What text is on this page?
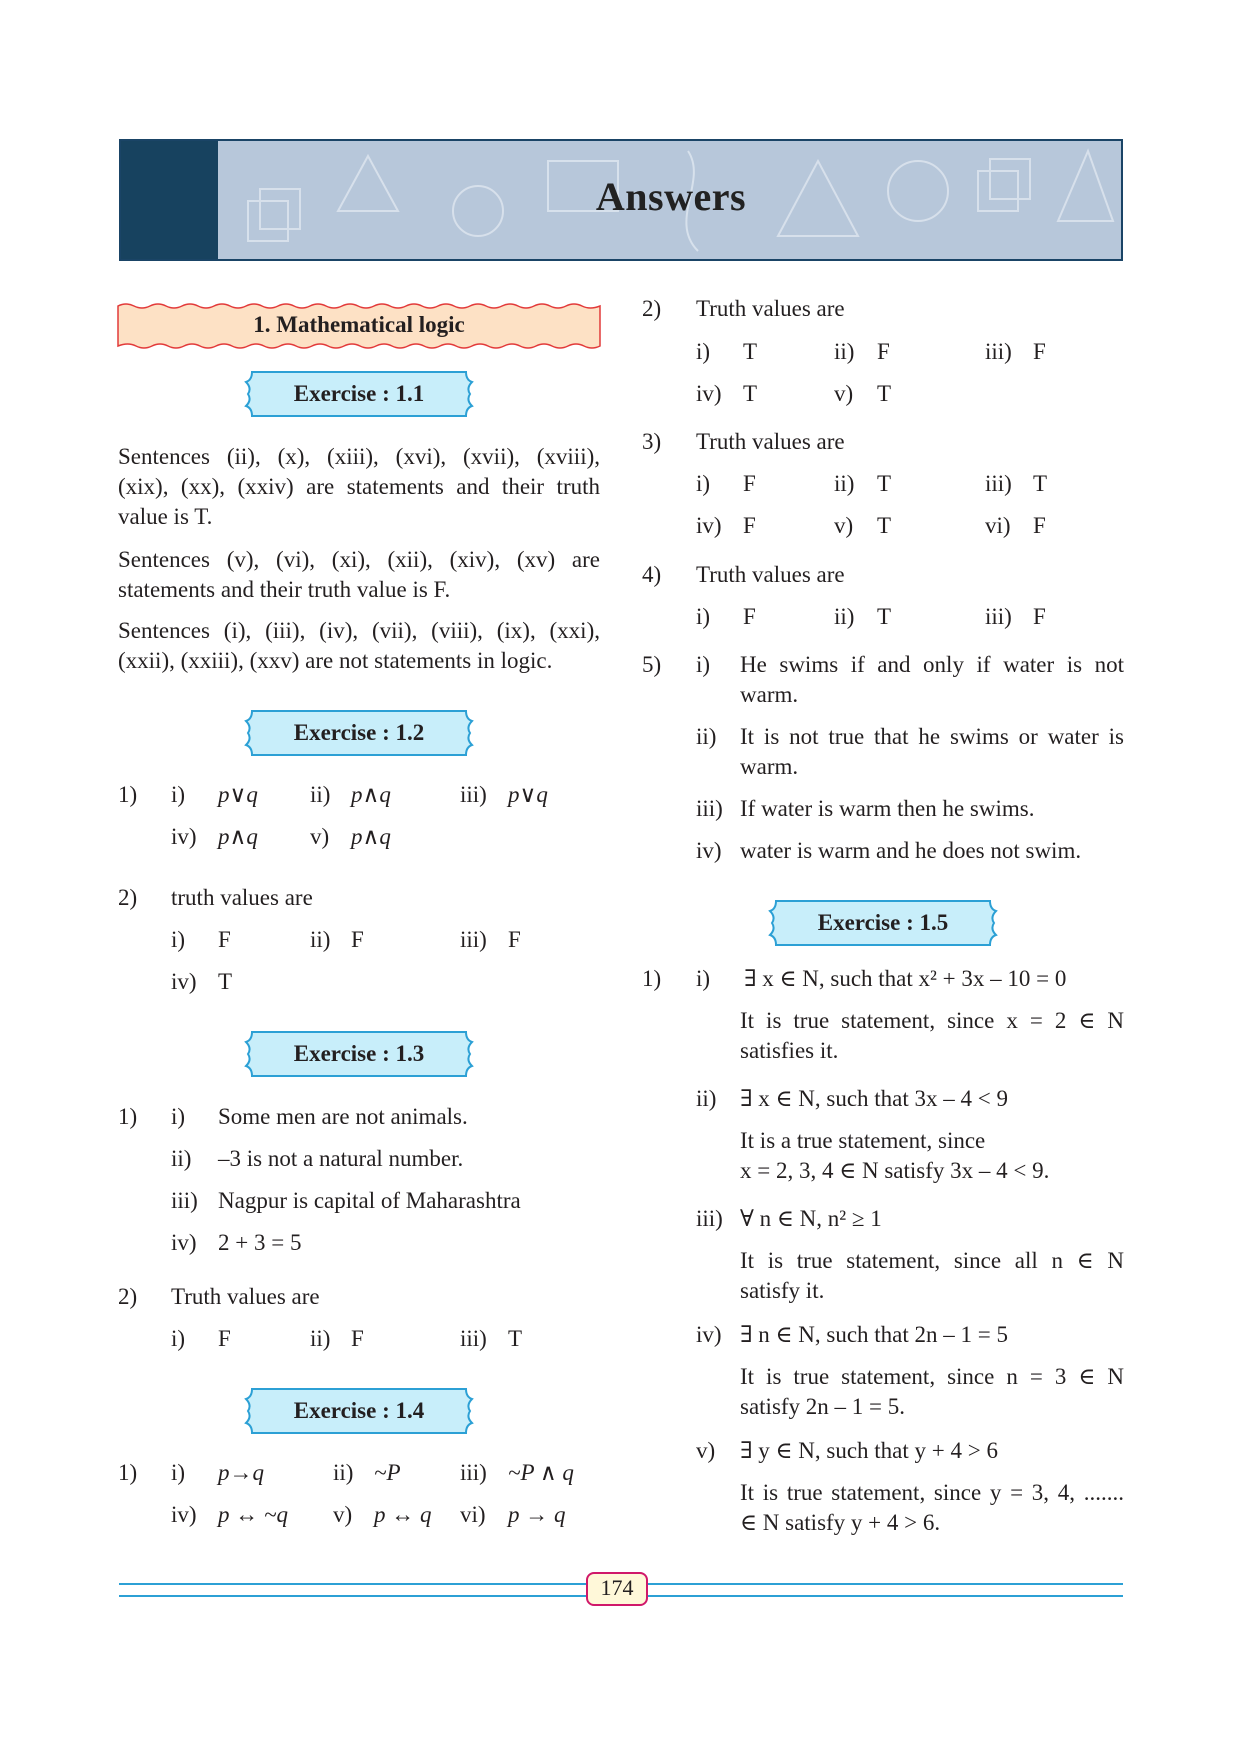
Answers
1. Mathematical logic
Exercise : 1.1
Sentences (ii), (x), (xiii), (xvi), (xvii), (xviii),
(xix), (xx), (xxiv) are statements and their truth
value is T.
Sentences (v), (vi), (xi), (xii), (xiv), (xv) are
statements and their truth value is F.
Sentences (i), (iii), (iv), (vii), (viii), (ix), (xxi),
(xxii), (xxiii), (xxv) are not statements in logic.
Exercise : 1.2
1) i) p∨q ii) p∧q	iii) p∨q
iv) p∧q v) p∧q
2) truth values are
i) F	ii) F	iii) F
iv) T
Exercise : 1.3
1) i) Some men are not animals.
ii) –3 is not a natural number.
iii) Nagpur is capital of Maharashtra
iv) 2 + 3 = 5
2) Truth values are
i) F	ii) F	iii) T
Exercise : 1.4
1) i) p→q	ii) ~P	iii) ~P ∧ q
iv) p ↔ ~q v) p ↔ q vi) p → q
2) Truth values are
i) T	ii) F	iii) F
iv) T	v) T
3) Truth values are
i) F	ii) T	iii) T
iv) F	v) T	vi) F
4) Truth values are
i) F	ii) T	iii) F
5) i) He swims if and only if water is not
warm.
ii) It is not true that he swims or water is
warm.
iii) If water is warm then he swims.
iv) water is warm and he does not swim.
Exercise : 1.5
1) i) ∃ x ∈ N, such that x² + 3x – 10 = 0
It is true statement, since x = 2 ∈ N
satisfies it.
ii) ∃ x ∈ N, such that 3x – 4 < 9
It is a true statement, since
x = 2, 3, 4 ∈ N satisfy 3x – 4 < 9.
iii) ∀ n ∈ N, n² ≥ 1
It is true statement, since all n ∈ N
satisfy it.
iv) ∃ n ∈ N, such that 2n – 1 = 5
It is true statement, since n = 3 ∈ N
satisfy 2n – 1 = 5.
v) ∃ y ∈ N, such that y + 4 > 6
It is true statement, since y = 3, 4, .......
∈ N satisfy y + 4 > 6.
174
